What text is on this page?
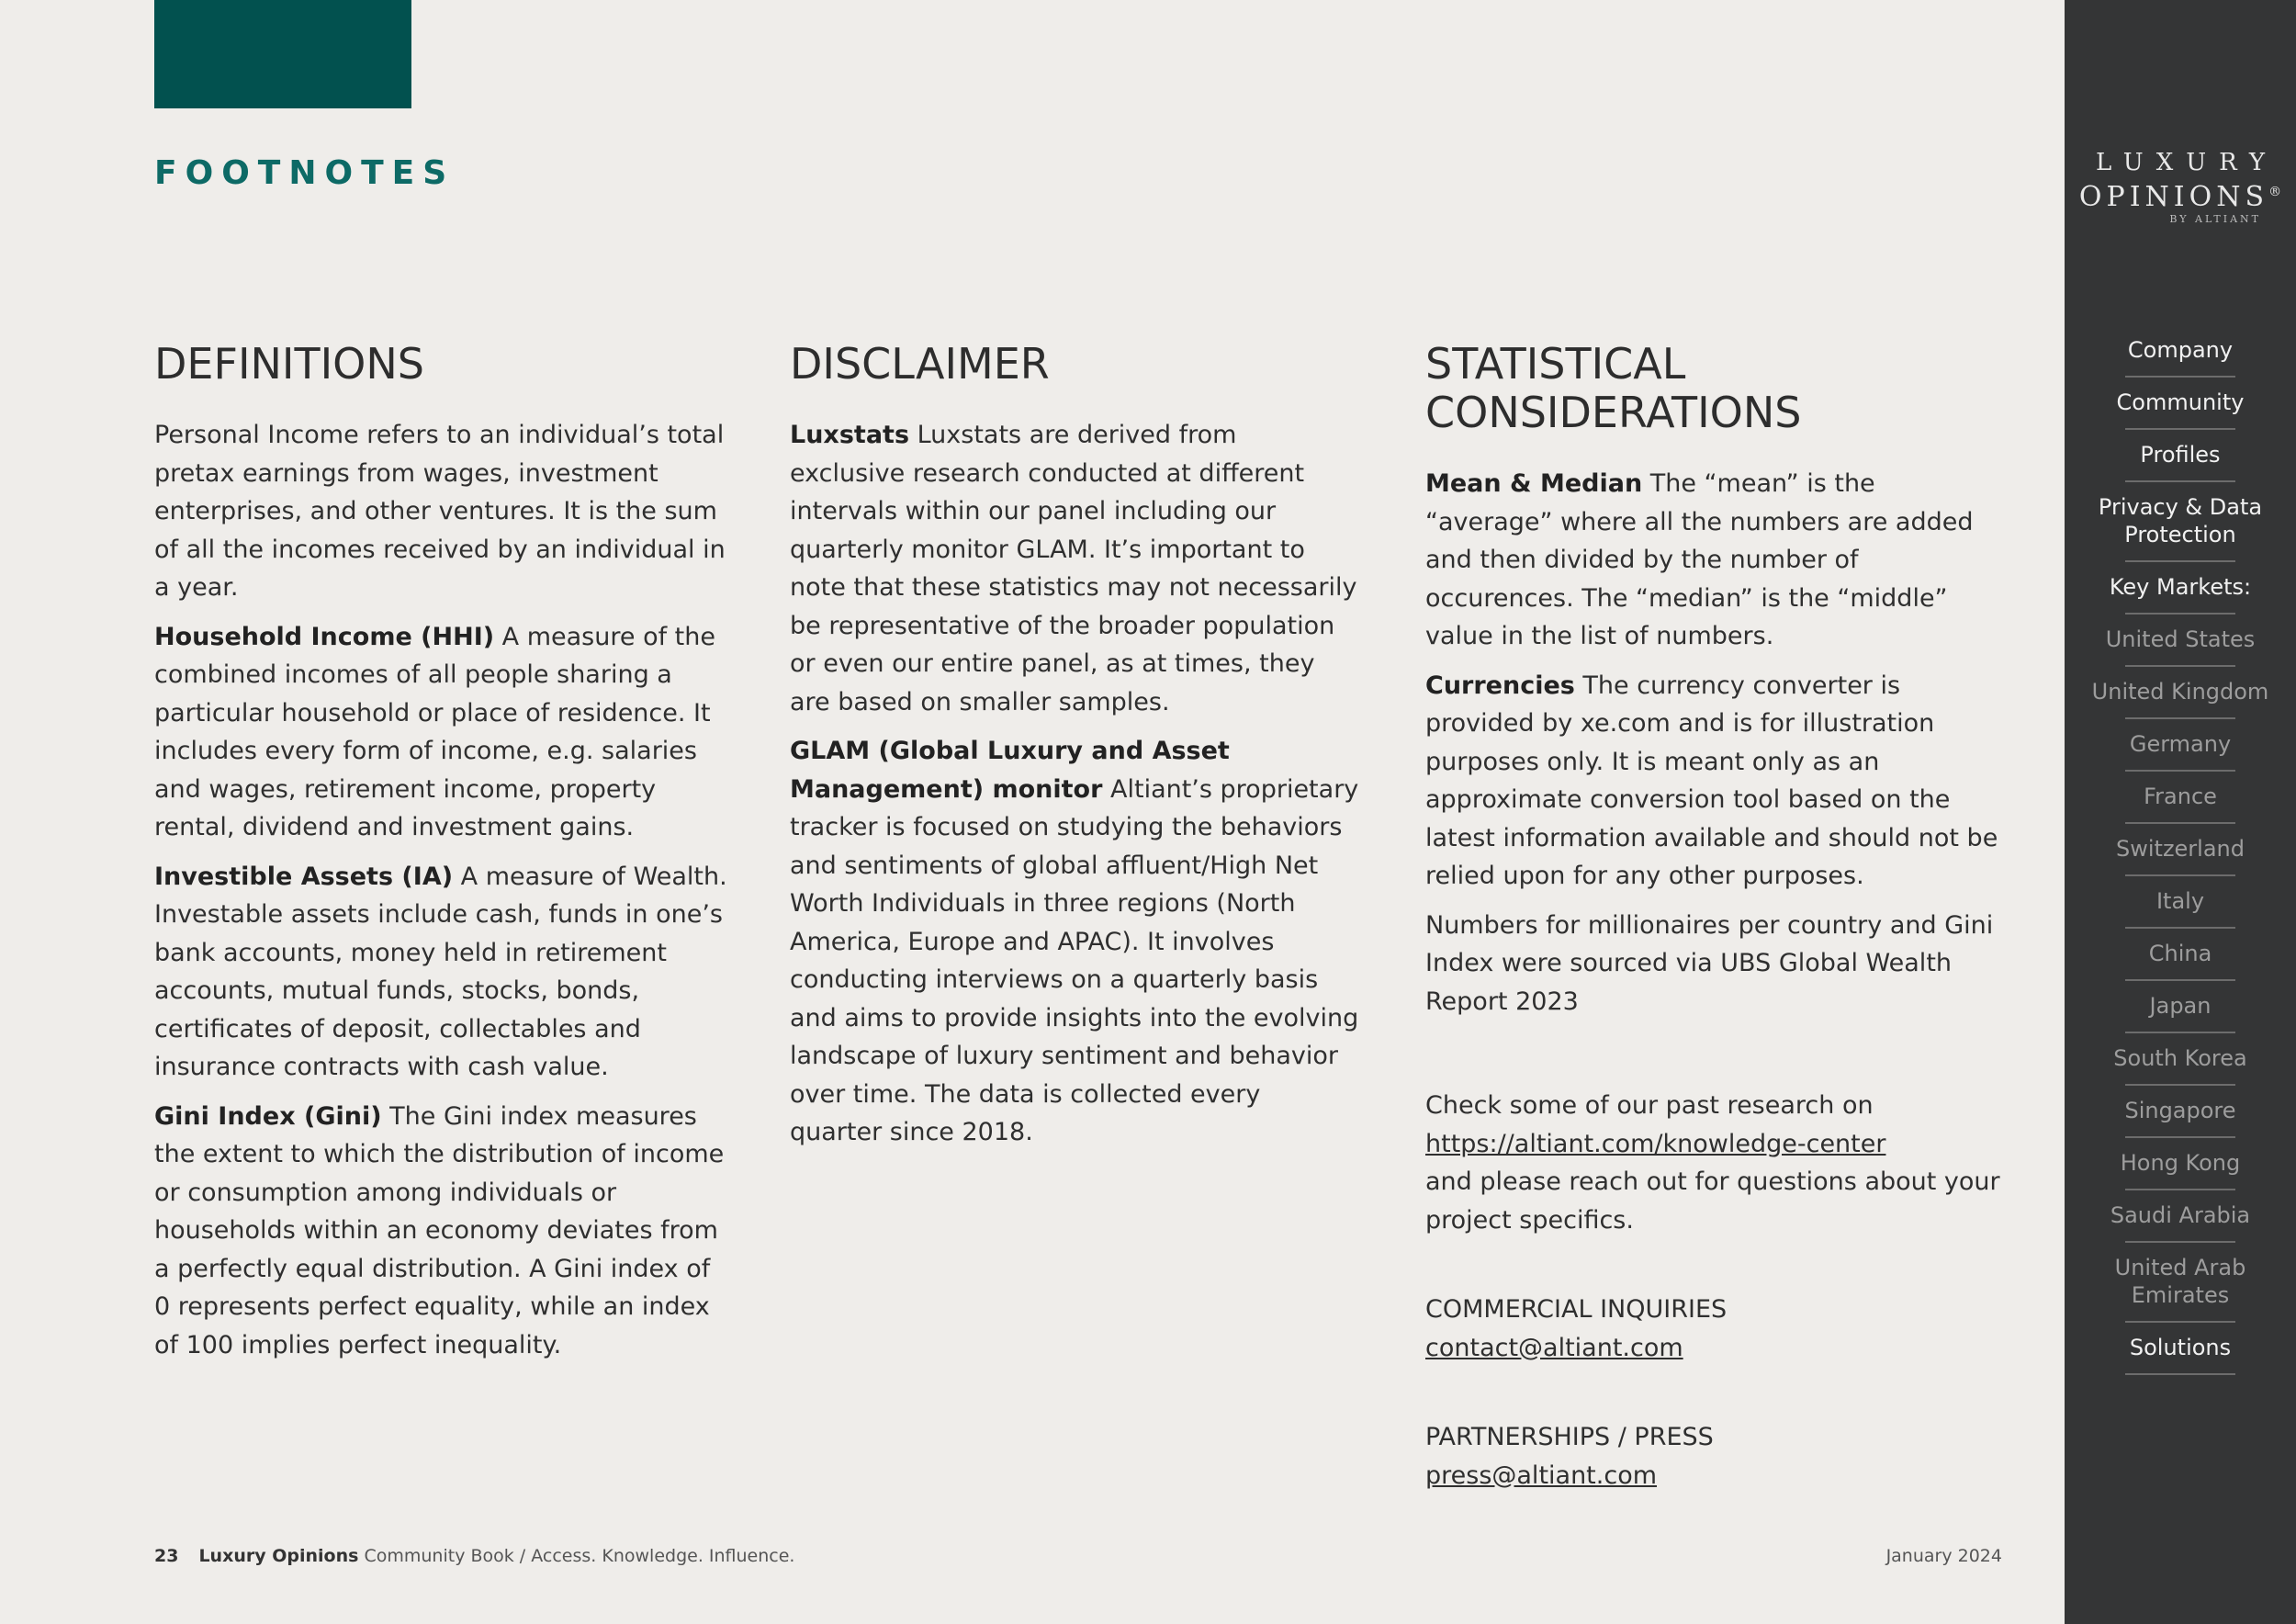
FOOTNOTES
DEFINITIONS

Personal Income refers to an individual’s total pretax earnings from wages, investment enterprises, and other ventures. It is the sum of all the incomes received by an individual in a year.

Household Income (HHI) A measure of the combined incomes of all people sharing a particular household or place of residence. It includes every form of income, e.g. salaries and wages, retirement income, property rental, dividend and investment gains.

Investible Assets (IA) A measure of Wealth. Investable assets include cash, funds in one’s bank accounts, money held in retirement accounts, mutual funds, stocks, bonds, certificates of deposit, collectables and insurance contracts with cash value.

Gini Index (Gini) The Gini index measures the extent to which the distribution of income or consumption among individuals or households within an economy deviates from a perfectly equal distribution. A Gini index of 0 represents perfect equality, while an index of 100 implies perfect inequality.

DISCLAIMER

Luxstats Luxstats are derived from exclusive research conducted at different intervals within our panel including our quarterly monitor GLAM. It’s important to note that these statistics may not necessarily be representative of the broader population or even our entire panel, as at times, they are based on smaller samples.

GLAM (Global Luxury and Asset Management) monitor Altiant’s proprietary tracker is focused on studying the behaviors and sentiments of global affluent/High Net Worth Individuals in three regions (North America, Europe and APAC). It involves conducting interviews on a quarterly basis and aims to provide insights into the evolving landscape of luxury sentiment and behavior over time. The data is collected every quarter since 2018.

STATISTICAL CONSIDERATIONS

Mean & Median The “mean” is the “average” where all the numbers are added and then divided by the number of occurences. The “median” is the “middle” value in the list of numbers.

Currencies The currency converter is provided by xe.com and is for illustration purposes only. It is meant only as an approximate conversion tool based on the latest information available and should not be relied upon for any other purposes.

Numbers for millionaires per country and Gini Index were sourced via UBS Global Wealth Report 2023

Check some of our past research on
https://altiant.com/knowledge-center
and please reach out for questions about your project specifics.

COMMERCIAL INQUIRIES
contact@altiant.com

PARTNERSHIPS / PRESS
press@altiant.com

23 Luxury Opinions Community Book / Access. Knowledge. Influence.	January 2024
LUXURY
OPINIONS®
BY ALTIANT
Company
Community
Profiles
Privacy & Data Protection
Key Markets:
United States
United Kingdom
Germany
France
Switzerland
Italy
China
Japan
South Korea
Singapore
Hong Kong
Saudi Arabia
United Arab Emirates
Solutions
